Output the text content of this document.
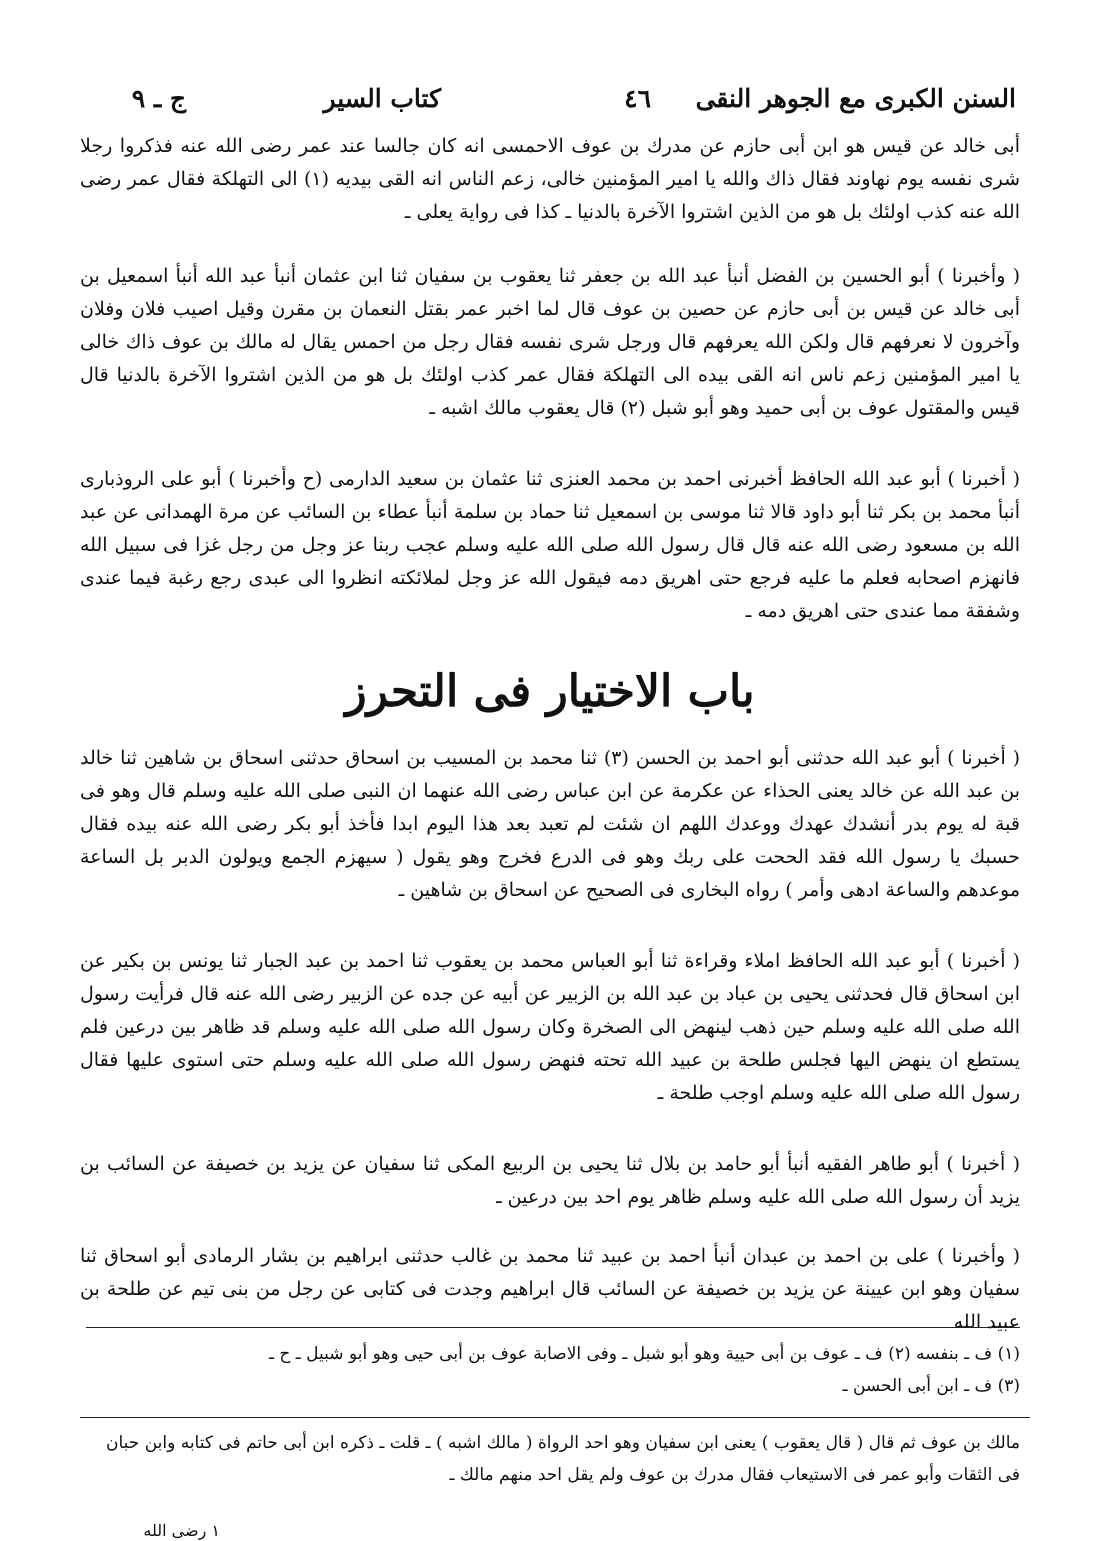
السنن الكبرى مع الجوهر النقى
٤٦
كتاب السير
ج ـ ٩
أبى خالد عن قيس هو ابن أبى حازم عن مدرك بن عوف الاحمسى انه كان جالسا عند عمر رضى الله عنه فذكروا رجلا شرى نفسه يوم نهاوند فقال ذاك والله يا امير المؤمنين خالى، زعم الناس انه القى بيديه (١) الى التهلكة فقال عمر رضى الله عنه كذب اولئك بل هو من الذين اشتروا الآخرة بالدنيا ـ كذا فى رواية يعلى ـ
( وأخبرنا ) أبو الحسين بن الفضل أنبأ عبد الله بن جعفر ثنا يعقوب بن سفيان ثنا ابن عثمان أنبأ عبد الله أنبأ اسمعيل بن أبى خالد عن قيس بن أبى حازم عن حصين بن عوف قال لما اخبر عمر بقتل النعمان بن مقرن وقيل اصيب فلان وفلان وآخرون لا نعرفهم قال ولكن الله يعرفهم قال ورجل شرى نفسه فقال رجل من احمس يقال له مالك بن عوف ذاك خالى يا امير المؤمنين زعم ناس انه القى بيده الى التهلكة فقال عمر كذب اولئك بل هو من الذين اشتروا الآخرة بالدنيا قال قيس والمقتول عوف بن أبى حميد وهو أبو شبل (٢) قال يعقوب مالك اشبه ـ
( أخبرنا ) أبو عبد الله الحافظ أخبرنى احمد بن محمد العنزى ثنا عثمان بن سعيد الدارمى (ح وأخبرنا ) أبو على الروذبارى أنبأ محمد بن بكر ثنا أبو داود قالا ثنا موسى بن اسمعيل ثنا حماد بن سلمة أنبأ عطاء بن السائب عن مرة الهمدانى عن عبد الله بن مسعود رضى الله عنه قال قال رسول الله صلى الله عليه وسلم عجب ربنا عز وجل من رجل غزا فى سبيل الله فانهزم اصحابه فعلم ما عليه فرجع حتى اهريق دمه فيقول الله عز وجل لملائكته انظروا الى عبدى رجع رغبة فيما عندى وشفقة مما عندى حتى اهريق دمه ـ
باب الاختيار فى التحرز
( أخبرنا ) أبو عبد الله حدثنى أبو احمد بن الحسن (٣) ثنا محمد بن المسيب بن اسحاق حدثنى اسحاق بن شاهين ثنا خالد بن عبد الله عن خالد يعنى الحذاء عن عكرمة عن ابن عباس رضى الله عنهما ان النبى صلى الله عليه وسلم قال وهو فى قبة له يوم بدر أنشدك عهدك ووعدك اللهم ان شئت لم تعبد بعد هذا اليوم ابدا فأخذ أبو بكر رضى الله عنه بيده فقال حسبك يا رسول الله فقد الححت على ربك وهو فى الدرع فخرج وهو يقول ( سيهزم الجمع ويولون الدبر بل الساعة موعدهم والساعة ادهى وأمر ) رواه البخارى فى الصحيح عن اسحاق بن شاهين ـ
( أخبرنا ) أبو عبد الله الحافظ املاء وقراءة ثنا أبو العباس محمد بن يعقوب ثنا احمد بن عبد الجبار ثنا يونس بن بكير عن ابن اسحاق قال فحدثنى يحيى بن عباد بن عبد الله بن الزبير عن أبيه عن جده عن الزبير رضى الله عنه قال فرأيت رسول الله صلى الله عليه وسلم حين ذهب لينهض الى الصخرة وكان رسول الله صلى الله عليه وسلم قد ظاهر بين درعين فلم يستطع ان ينهض اليها فجلس طلحة بن عبيد الله تحته فنهض رسول الله صلى الله عليه وسلم حتى استوى عليها فقال رسول الله صلى الله عليه وسلم اوجب طلحة ـ
( أخبرنا ) أبو طاهر الفقيه أنبأ أبو حامد بن بلال ثنا يحيى بن الربيع المكى ثنا سفيان عن يزيد بن خصيفة عن السائب بن يزيد أن رسول الله صلى الله عليه وسلم ظاهر يوم احد بين درعين ـ
( وأخبرنا ) على بن احمد بن عبدان أنبأ احمد بن عبيد ثنا محمد بن غالب حدثنى ابراهيم بن بشار الرمادى أبو اسحاق ثنا سفيان وهو ابن عيينة عن يزيد بن خصيفة عن السائب قال ابراهيم وجدت فى كتابى عن رجل من بنى تيم عن طلحة بن عبيد الله
(١) ف ـ بنفسه (٢) ف ـ عوف بن أبى حيية وهو أبو شبل ـ وفى الاصابة عوف بن أبى حيى وهو أبو شبيل ـ ح ـ
(٣) ف ـ ابن أبى الحسن ـ
مالك بن عوف ثم قال ( قال يعقوب ) يعنى ابن سفيان وهو احد الرواة ( مالك اشبه ) ـ قلت ـ ذكره ابن أبى حاتم فى كتابه وابن حبان فى الثقات وأبو عمر فى الاستيعاب فقال مدرك بن عوف ولم يقل احد منهم مالك ـ
١ رضى الله
